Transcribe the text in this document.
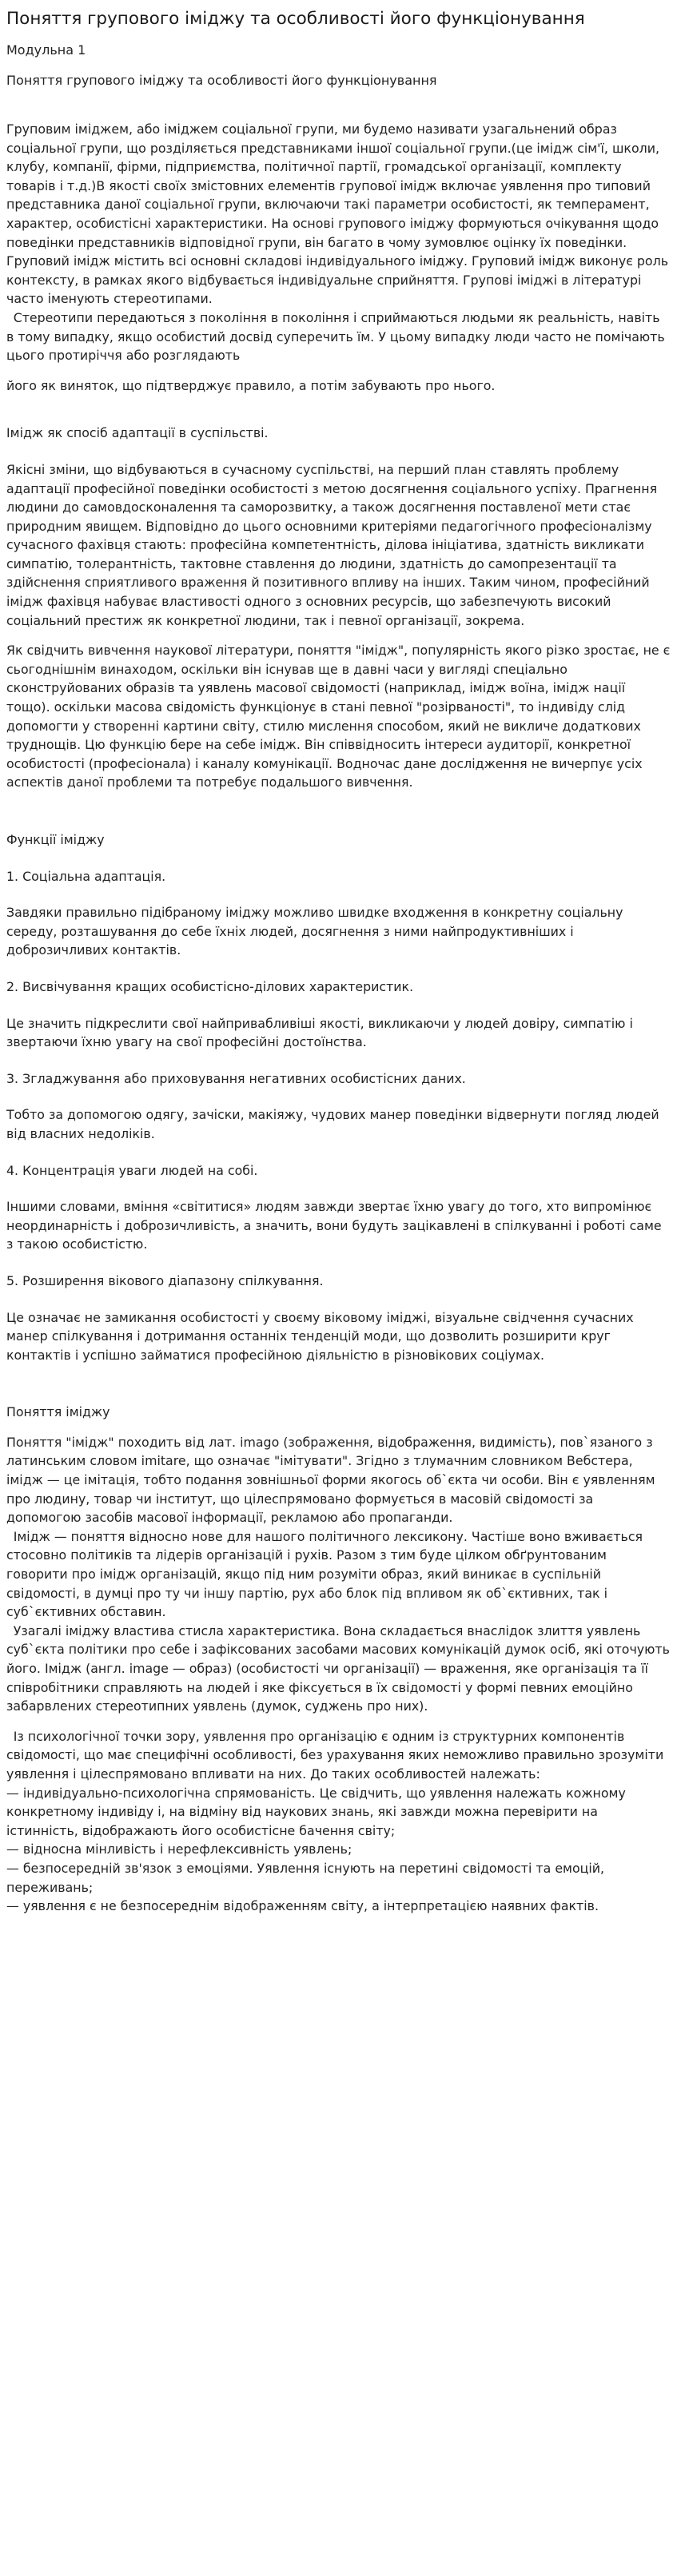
Поняття групового іміджу та особливості його функціонування
Модульна 1
Поняття групового іміджу та особливості його функціонування

Груповим іміджем, або іміджем соціальної групи, ми будемо називати узагальнений образ соціальної групи, що розділяється представниками іншої соціальної групи.(це імідж сім'ї, школи, клубу, компанії, фірми, підприємства, політичної партії, громадської організації, комплекту товарів і т.д.)В якості своїх змістовних елементів групової імідж включає уявлення про типовий представника даної соціальної групи, включаючи такі параметри особистості, як темперамент, характер, особистісні характеристики. На основі групового іміджу формуються очікування щодо поведінки представників відповідної групи, він багато в чому зумовлює оцінку їх поведінки. Груповий імідж містить всі основні складові індивідуального іміджу. Груповий імідж виконує роль контексту, в рамках якого відбувається індивідуальне сприйняття. Групові іміджі в літературі часто іменують стереотипами.

Стереотипи передаються з покоління в покоління і сприймаються людьми як реальність, навіть в тому випадку, якщо особистий досвід суперечить їм. У цьому випадку люди часто не помічають цього протиріччя або розглядають

його як виняток, що підтверджує правило, а потім забувають про нього.

Імідж як спосіб адаптації в суспільстві.

Якісні зміни, що відбуваються в сучасному суспільстві, на перший план ставлять проблему адаптації професійної поведінки особистості з метою досягнення соціального успіху. Прагнення людини до самовдосконалення та саморозвитку, а також досягнення поставленої мети стає природним явищем. Відповідно до цього основними критеріями педагогічного професіоналізму сучасного фахівця стають: професійна компетентність, ділова ініціатива, здатність викликати симпатію, толерантність, тактовне ставлення до людини, здатність до самопрезентації та здійснення сприятливого враження й позитивного впливу на інших. Таким чином, професійний імідж фахівця набуває властивості одного з основних ресурсів, що забезпечують високий соціальний престиж як конкретної людини, так і певної організації, зокрема.

Як свідчить вивчення наукової літератури, поняття "імідж", популярність якого різко зростає, не є сьогоднішнім винаходом, оскільки він існував ще в давні часи у вигляді спеціально сконструйованих образів та уявлень масової свідомості (наприклад, імідж воїна, імідж нації тощо). оскільки масова свідомість функціонує в стані певної "розірваності", то індивіду слід допомогти у створенні картини світу, стилю мислення способом, який не викличе додаткових труднощів. Цю функцію бере на себе імідж. Він співвідносить інтереси аудиторії, конкретної особистості (професіонала) і каналу комунікації. Водночас дане дослідження не вичерпує усіх аспектів даної проблеми та потребує подальшого вивчення.

Функції іміджу

1. Соціальна адаптація.

Завдяки правильно підібраному іміджу можливо швидке входження в конкретну соціальну середу, розташування до себе їхніх людей, досягнення з ними найпродуктивніших і доброзичливих контактів.

2. Висвічування кращих особистісно-ділових характеристик.

Це значить підкреслити свої найпривабливіші якості, викликаючи у людей довіру, симпатію і звертаючи їхню увагу на свої професійні достоїнства.

3. Згладжування або приховування негативних особистісних даних.

Тобто за допомогою одягу, зачіски, макіяжу, чудових манер поведінки відвернути погляд людей від власних недоліків.

4. Концентрація уваги людей на собі.

Іншими словами, вміння «світитися» людям завжди звертає їхню увагу до того, хто випромінює неординарність і доброзичливість, а значить, вони будуть зацікавлені в спілкуванні і роботі саме з такою особистістю.

5. Розширення вікового діапазону спілкування.

Це означає не замикання особистості у своєму віковому іміджі, візуальне свідчення сучасних манер спілкування і дотримання останніх тенденцій моди, що дозволить розширити круг контактів і успішно займатися професійною діяльністю в різновікових соціумах.

Поняття іміджу

Поняття "імідж" походить від лат. imago (зображення, відображення, видимість), пов`язаного з латинським словом imitare, що означає "імітувати". Згідно з тлумачним словником Вебстера, імідж — це імітація, тобто подання зовнішньої форми якогось об`єкта чи особи. Він є уявленням про людину, товар чи інститут, що цілеспрямовано формується в масовій свідомості за допомогою засобів масової інформації, рекламою або пропаганди.

Імідж — поняття відносно нове для нашого політичного лексикону. Частіше воно вживається стосовно політиків та лідерів організацій і рухів. Разом з тим буде цілком обґрунтованим говорити про імідж організацій, якщо під ним розуміти образ, який виникає в суспільній свідомості, в думці про ту чи іншу партію, рух або блок під впливом як об`єктивних, так і суб`єктивних обставин.

Узагалі іміджу властива стисла характеристика. Вона складається внаслідок злиття уявлень суб`єкта політики про себе і зафіксованих засобами масових комунікацій думок осіб, які оточують його. Імідж (англ. image — образ) (особистості чи організації) — враження, яке організація та її співробітники справляють на людей і яке фіксується в їх свідомості у формі певних емоційно забарвлених стереотипних уявлень (думок, суджень про них).

Із психологічної точки зору, уявлення про організацію є одним із структурних компонентів свідомості, що має специфічні особливості, без урахування яких неможливо правильно зрозуміти уявлення і цілеспрямовано впливати на них. До таких особливостей належать:

— індивідуально-психологічна спрямованість. Це свідчить, що уявлення належать кожному конкретному індивіду і, на відміну від наукових знань, які завжди можна перевірити на істинність, відображають його особистісне бачення світу;

— відносна мінливість і нерефлексивність уявлень;

— безпосередній зв'язок з емоціями. Уявлення існують на перетині свідомості та емоцій, переживань;

— уявлення є не безпосереднім відображенням світу, а інтерпретацією наявних фактів.
